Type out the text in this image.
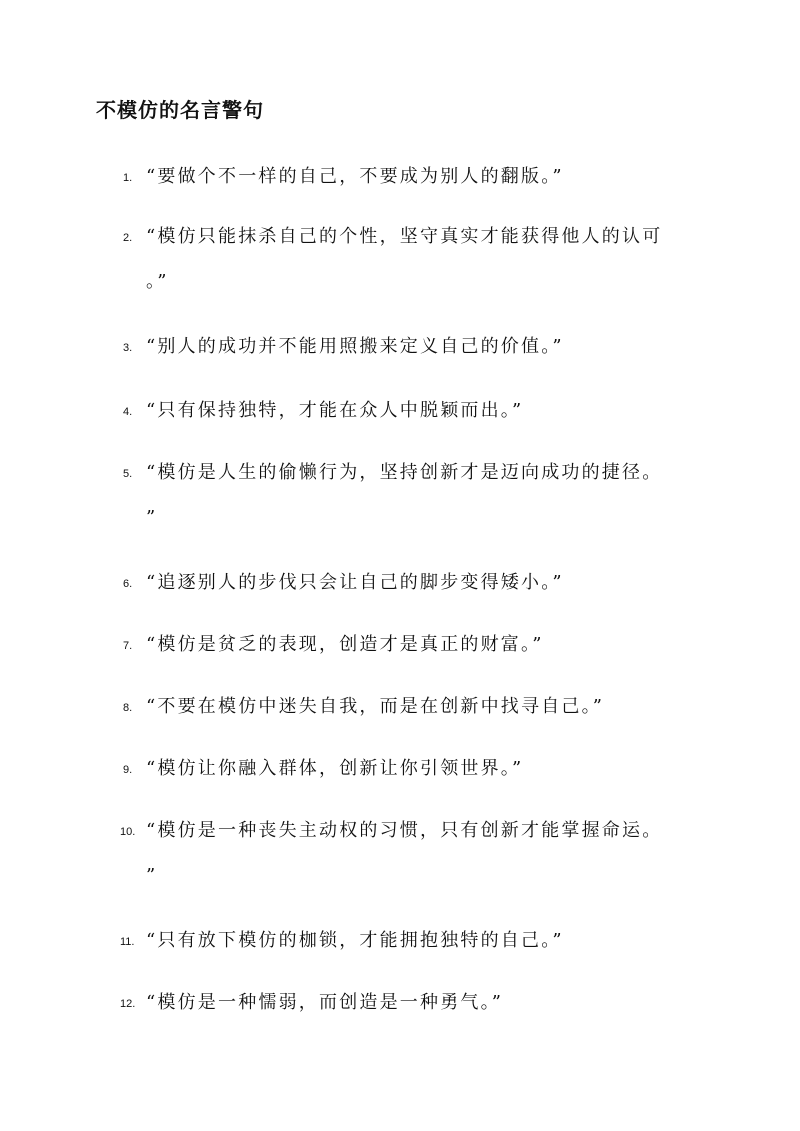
不模仿的名言警句
1. “要做个不一样的自己，不要成为别人的翻版。”
2. “模仿只能抹杀自己的个性，坚守真实才能获得他人的认可
。”
3. “别人的成功并不能用照搬来定义自己的价值。”
4. “只有保持独特，才能在众人中脱颖而出。”
5. “模仿是人生的偷懒行为，坚持创新才是迈向成功的捷径。
”
6. “追逐别人的步伐只会让自己的脚步变得矮小。”
7. “模仿是贫乏的表现，创造才是真正的财富。”
8. “不要在模仿中迷失自我，而是在创新中找寻自己。”
9. “模仿让你融入群体，创新让你引领世界。”
10. “模仿是一种丧失主动权的习惯，只有创新才能掌握命运。
”
11. “只有放下模仿的枷锁，才能拥抱独特的自己。”
12. “模仿是一种懦弱，而创造是一种勇气。”
